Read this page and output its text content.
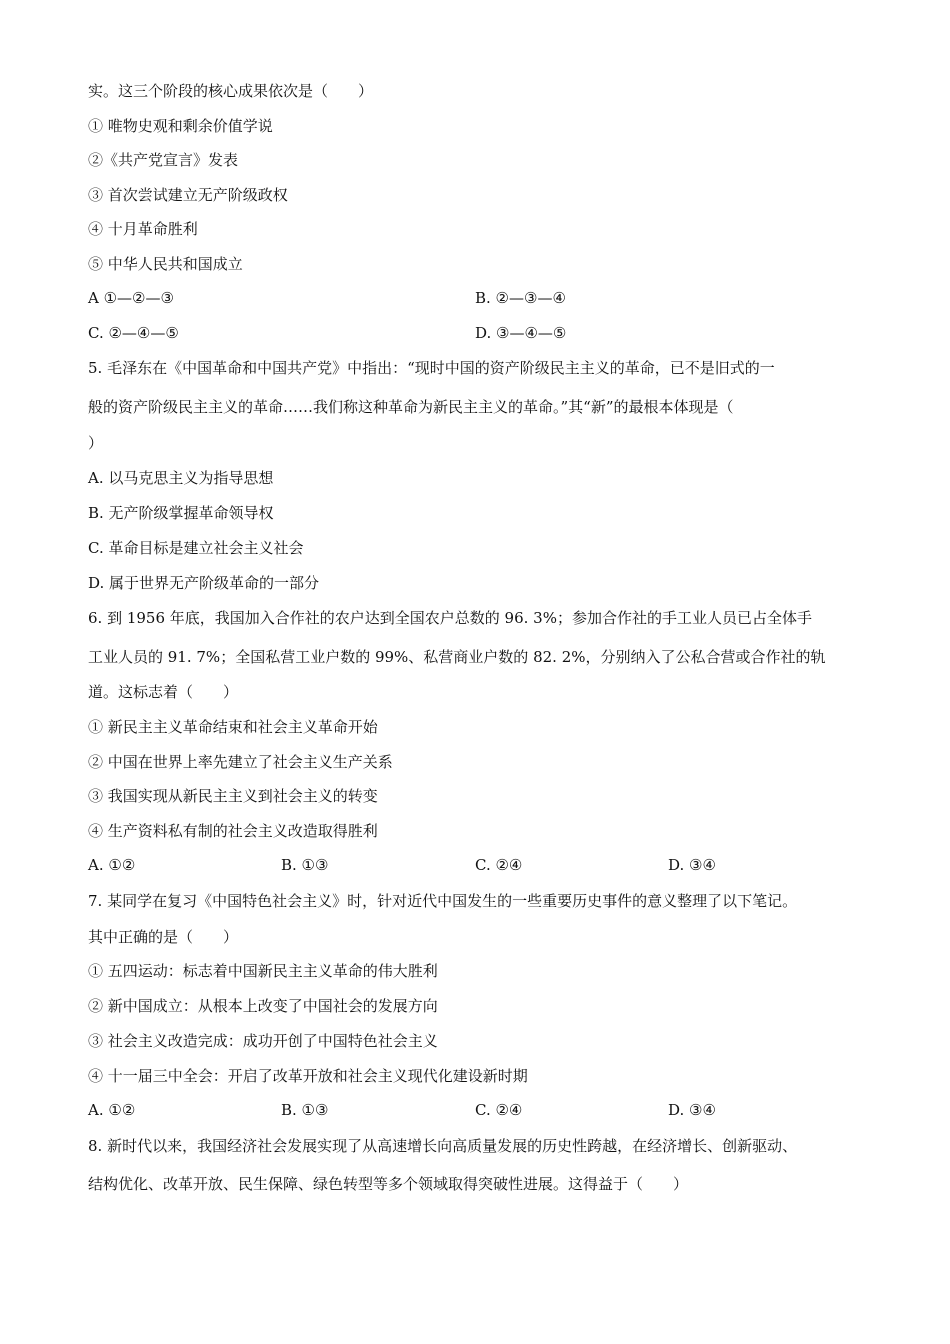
实。这三个阶段的核心成果依次是（　　）
① 唯物史观和剩余价值学说
②《共产党宣言》发表
③ 首次尝试建立无产阶级政权
④ 十月革命胜利
⑤ 中华人民共和国成立
A ①—②—③	B. ②—③—④
C. ②—④—⑤	D. ③—④—⑤
5. 毛泽东在《中国革命和中国共产党》中指出：“现时中国的资产阶级民主主义的革命，已不是旧式的一
般的资产阶级民主主义的革命……我们称这种革命为新民主主义的革命。”其“新”的最根本体现是（
）
A. 以马克思主义为指导思想
B. 无产阶级掌握革命领导权
C. 革命目标是建立社会主义社会
D. 属于世界无产阶级革命的一部分
6. 到 1956 年底，我国加入合作社的农户达到全国农户总数的 96. 3%；参加合作社的手工业人员已占全体手
工业人员的 91. 7%；全国私营工业户数的 99%、私营商业户数的 82. 2%，分别纳入了公私合营或合作社的轨
道。这标志着（　　）
① 新民主主义革命结束和社会主义革命开始
② 中国在世界上率先建立了社会主义生产关系
③ 我国实现从新民主主义到社会主义的转变
④ 生产资料私有制的社会主义改造取得胜利
A. ①②	B. ①③	C. ②④	D. ③④
7. 某同学在复习《中国特色社会主义》时，针对近代中国发生的一些重要历史事件的意义整理了以下笔记。
其中正确的是（　　）
① 五四运动：标志着中国新民主主义革命的伟大胜利
② 新中国成立：从根本上改变了中国社会的发展方向
③ 社会主义改造完成：成功开创了中国特色社会主义
④ 十一届三中全会：开启了改革开放和社会主义现代化建设新时期
A. ①②	B. ①③	C. ②④	D. ③④
8. 新时代以来，我国经济社会发展实现了从高速增长向高质量发展的历史性跨越，在经济增长、创新驱动、
结构优化、改革开放、民生保障、绿色转型等多个领域取得突破性进展。这得益于（　　）
